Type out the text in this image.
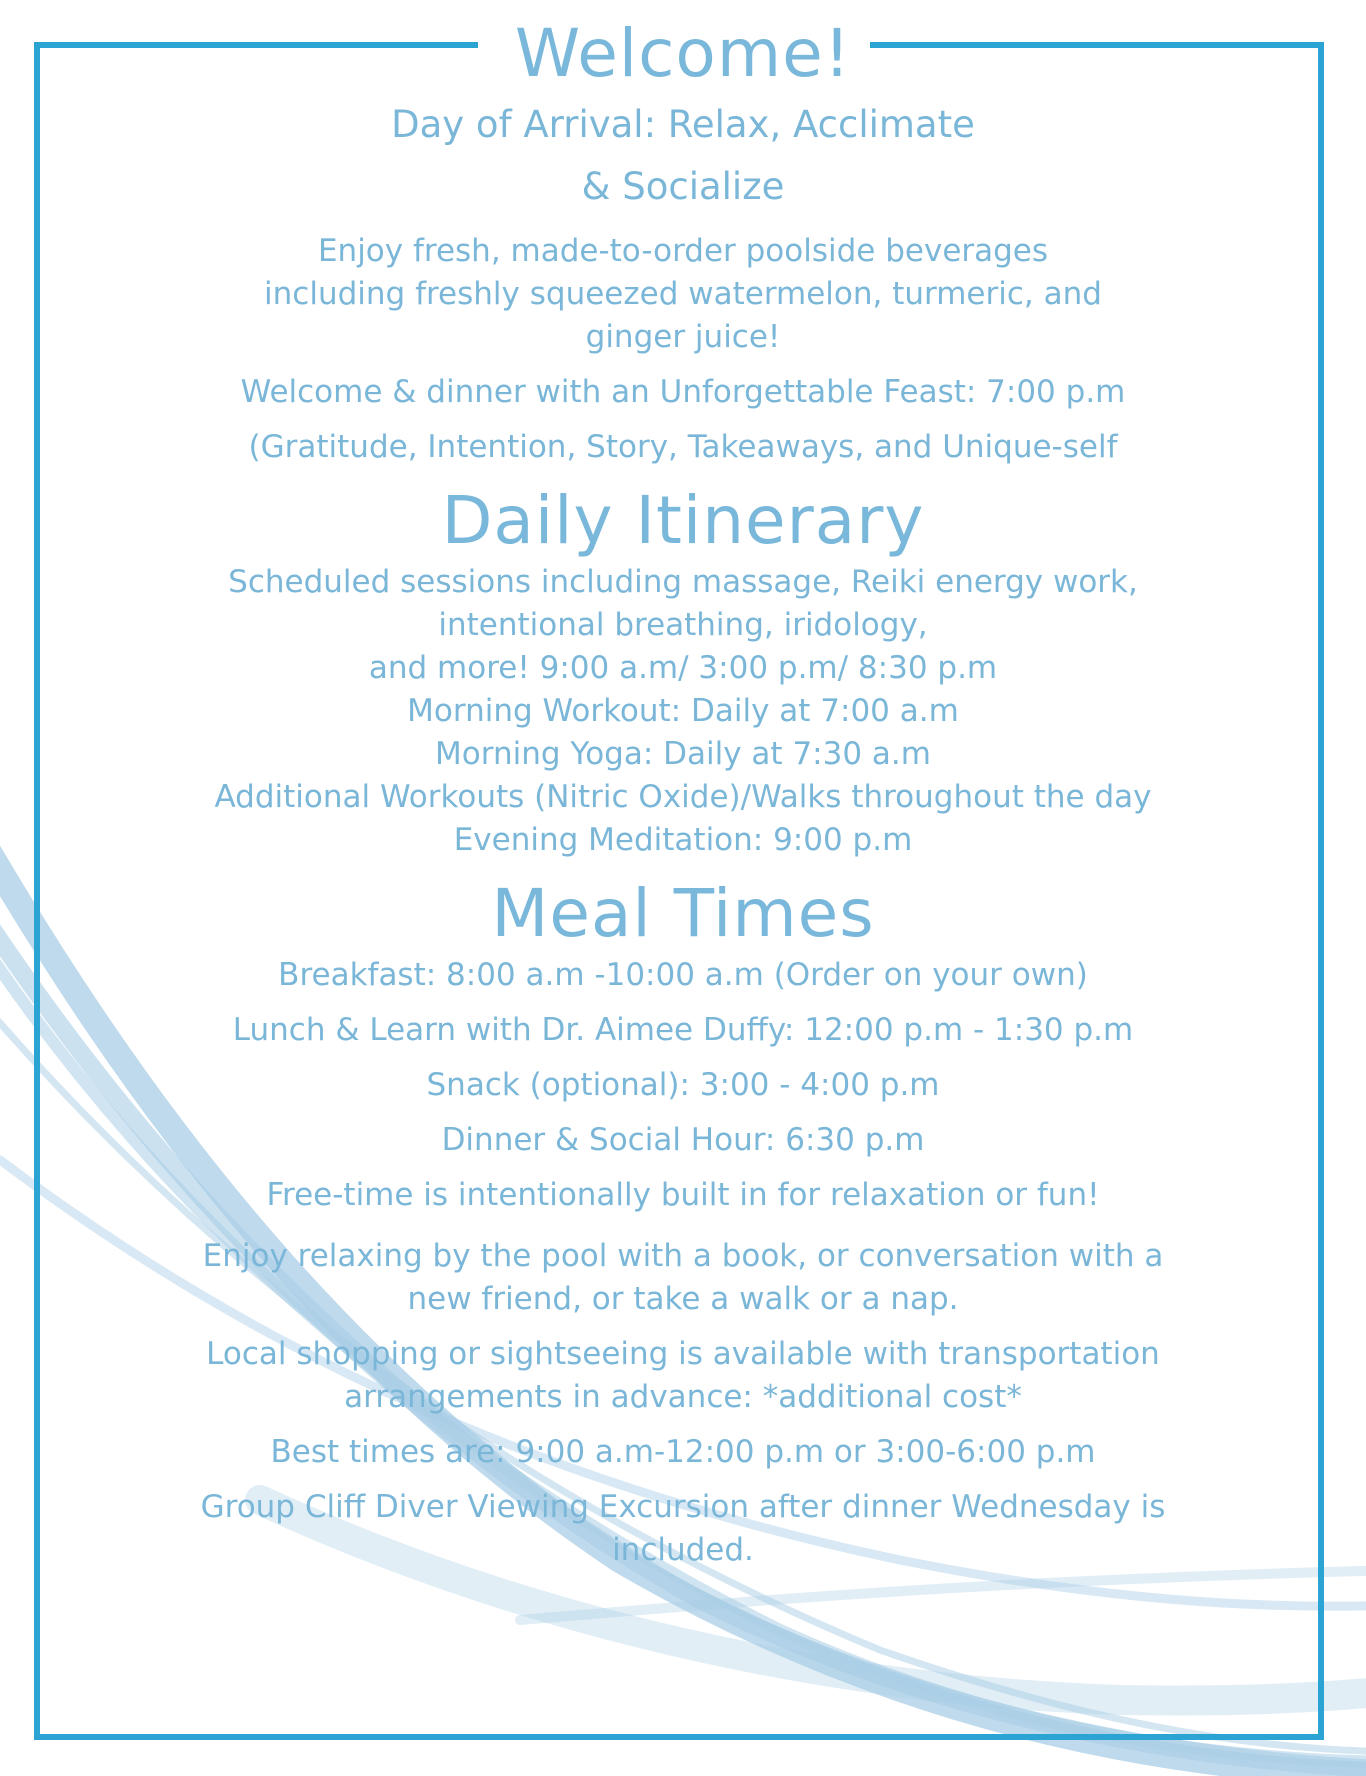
Welcome!
Day of Arrival: Relax, Acclimate
& Socialize
Enjoy fresh, made-to-order poolside beverages
including freshly squeezed watermelon, turmeric, and
ginger juice!
Welcome & dinner with an Unforgettable Feast: 7:00 p.m
(Gratitude, Intention, Story, Takeaways, and Unique-self
Daily Itinerary
Scheduled sessions including massage, Reiki energy work,
intentional breathing, iridology,
and more! 9:00 a.m/ 3:00 p.m/ 8:30 p.m
Morning Workout: Daily at 7:00 a.m
Morning Yoga: Daily at 7:30 a.m
Additional Workouts (Nitric Oxide)/Walks throughout the day
Evening Meditation: 9:00 p.m
Meal Times
Breakfast: 8:00 a.m -10:00 a.m (Order on your own)
Lunch & Learn with Dr. Aimee Duffy: 12:00 p.m - 1:30 p.m
Snack (optional): 3:00 - 4:00 p.m
Dinner & Social Hour: 6:30 p.m
Free-time is intentionally built in for relaxation or fun!
Enjoy relaxing by the pool with a book, or conversation with a
new friend, or take a walk or a nap.
Local shopping or sightseeing is available with transportation
arrangements in advance: *additional cost*
Best times are: 9:00 a.m-12:00 p.m or 3:00-6:00 p.m
Group Cliff Diver Viewing Excursion after dinner Wednesday is
included.
